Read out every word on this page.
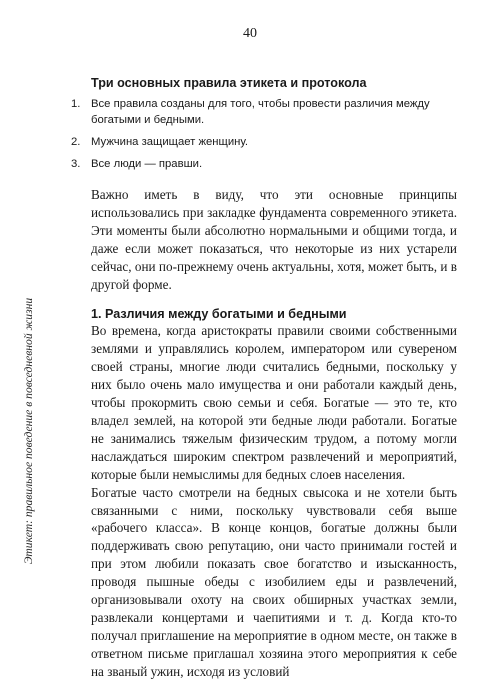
40
Этикет: правильное поведение в повседневной жизни
Три основных правила этикета и протокола
1. Все правила созданы для того, чтобы провести различия между богатыми и бедными.
2. Мужчина защищает женщину.
3. Все люди — правши.

Важно иметь в виду, что эти основные принципы использовались при закладке фундамента современного этикета. Эти моменты были абсолютно нормальными и общими тогда, и даже если может показаться, что некоторые из них устарели сейчас, они по-прежнему очень актуальны, хотя, может быть, и в другой форме.

1. Различия между богатыми и бедными

Во времена, когда аристократы правили своими собственными землями и управлялись королем, императором или сувереном своей страны, многие люди считались бедными, поскольку у них было очень мало имущества и они работали каждый день, чтобы прокормить свою семьи и себя. Богатые — это те, кто владел землей, на которой эти бедные люди работали. Богатые не занимались тяжелым физическим трудом, а потому могли наслаждаться широким спектром развлечений и мероприятий, которые были немыслимы для бедных слоев населения.

Богатые часто смотрели на бедных свысока и не хотели быть связанными с ними, поскольку чувствовали себя выше «рабочего класса». В конце концов, богатые должны были поддерживать свою репутацию, они часто принимали гостей и при этом любили показать свое богатство и изысканность, проводя пышные обеды с изобилием еды и развлечений, организовывали охоту на своих обширных участках земли, развлекали концертами и чаепитиями и т. д. Когда кто-то получал приглашение на мероприятие в одном месте, он также в ответном письме приглашал хозяина этого мероприятия к себе на званый ужин, исходя из условий
